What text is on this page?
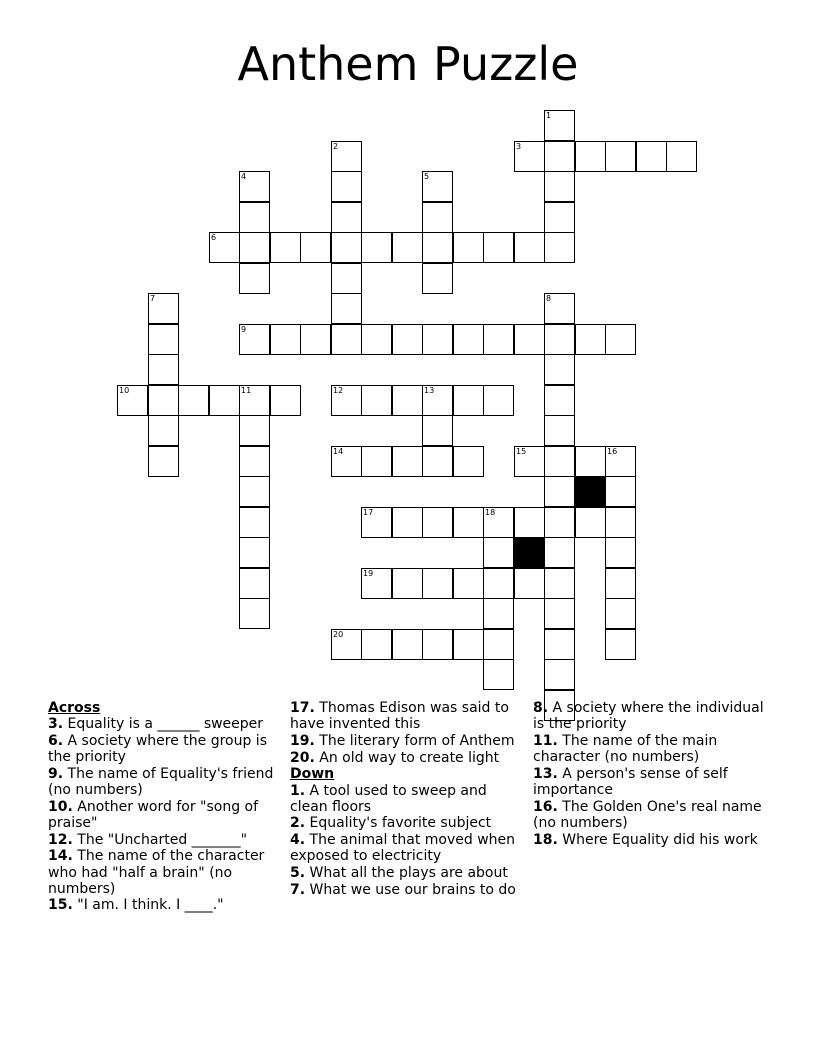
Anthem Puzzle
1
2	3
4	5
6
7	8
9
10	11	12	13
14	15	16
17	18
19
20
Across
3. Equality is a ______ sweeper
6. A society where the group is the priority
9. The name of Equality's friend (no numbers)
10. Another word for "song of praise"
12. The "Uncharted _______"
14. The name of the character who had "half a brain" (no numbers)
15. "I am. I think. I ____."
17. Thomas Edison was said to have invented this
19. The literary form of Anthem
20. An old way to create light
Down
1. A tool used to sweep and clean floors
2. Equality's favorite subject
4. The animal that moved when exposed to electricity
5. What all the plays are about
7. What we use our brains to do
8. A society where the individual is the priority
11. The name of the main character (no numbers)
13. A person's sense of self importance
16. The Golden One's real name (no numbers)
18. Where Equality did his work
